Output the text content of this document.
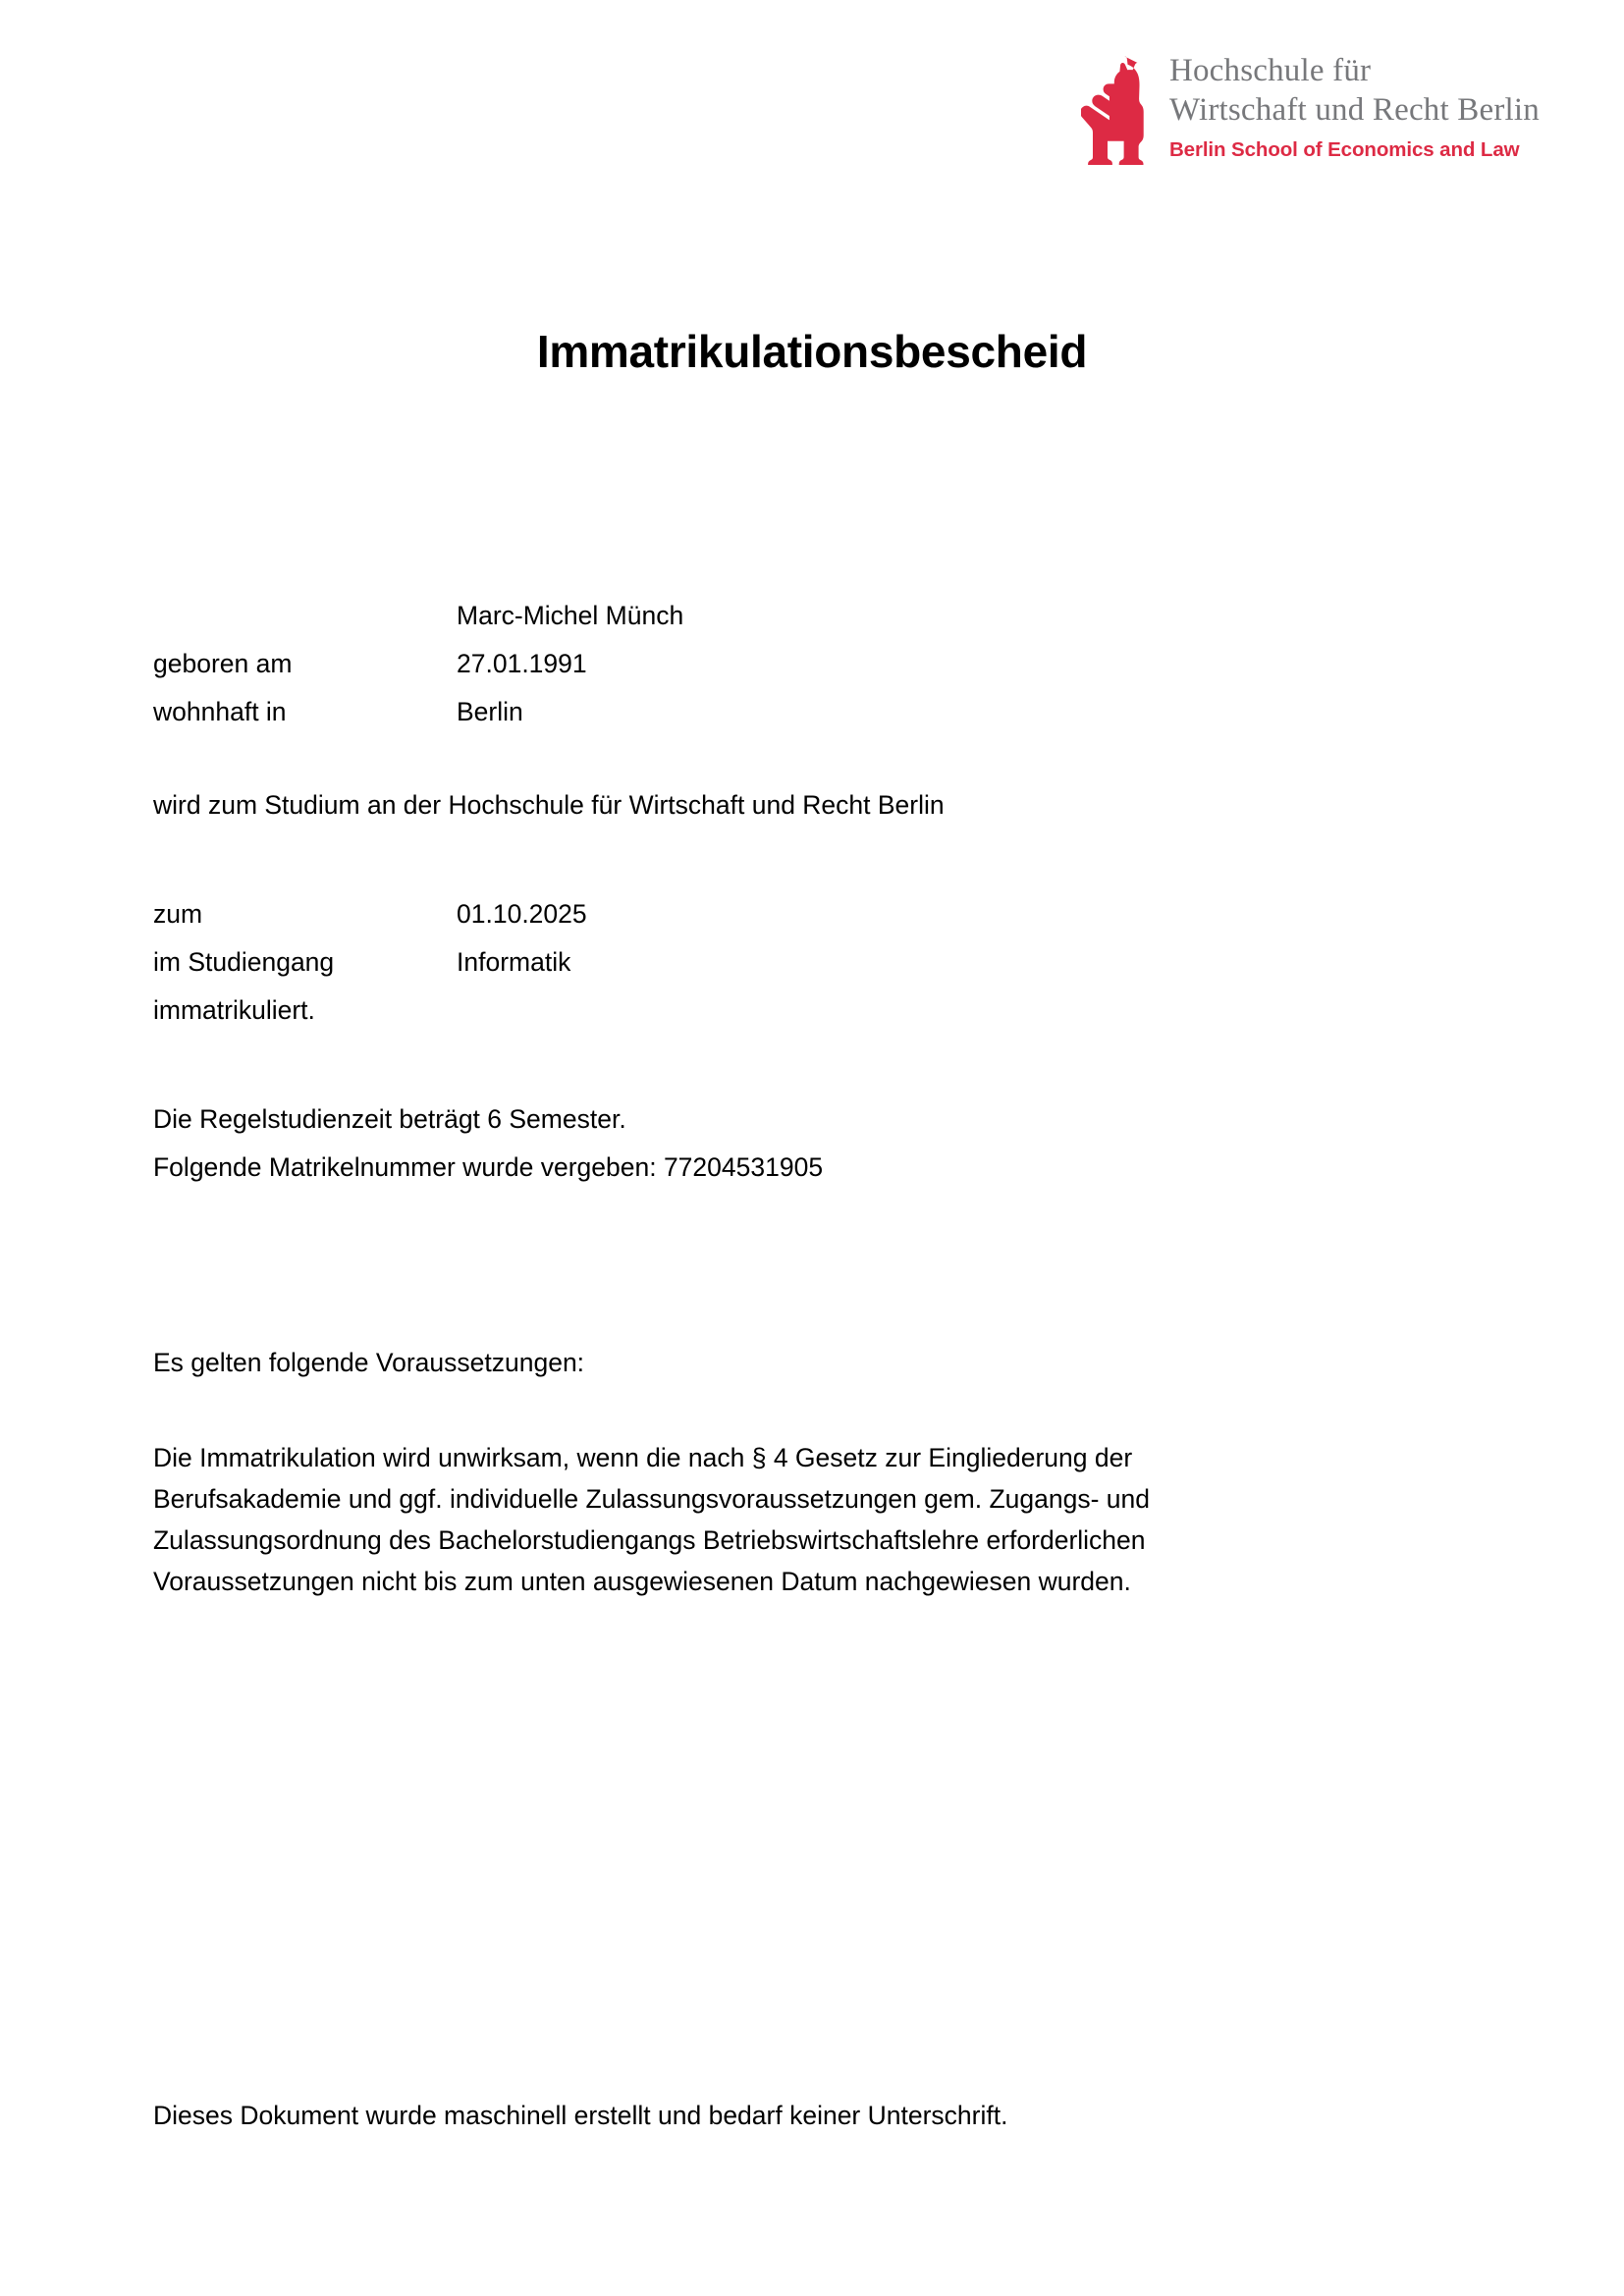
Hochschule für
Wirtschaft und Recht Berlin
Berlin School of Economics and Law
Immatrikulationsbescheid
Marc-Michel Münch
geboren am	27.01.1991
wohnhaft in	Berlin
wird zum Studium an der Hochschule für Wirtschaft und Recht Berlin
zum	01.10.2025
im Studiengang	Informatik
immatrikuliert.
Die Regelstudienzeit beträgt 6 Semester.
Folgende Matrikelnummer wurde vergeben: 77204531905
Es gelten folgende Voraussetzungen:
Die Immatrikulation wird unwirksam, wenn die nach § 4 Gesetz zur Eingliederung der
Berufsakademie und ggf. individuelle Zulassungsvoraussetzungen gem. Zugangs- und
Zulassungsordnung des Bachelorstudiengangs Betriebswirtschaftslehre erforderlichen
Voraussetzungen nicht bis zum unten ausgewiesenen Datum nachgewiesen wurden.
Dieses Dokument wurde maschinell erstellt und bedarf keiner Unterschrift.
